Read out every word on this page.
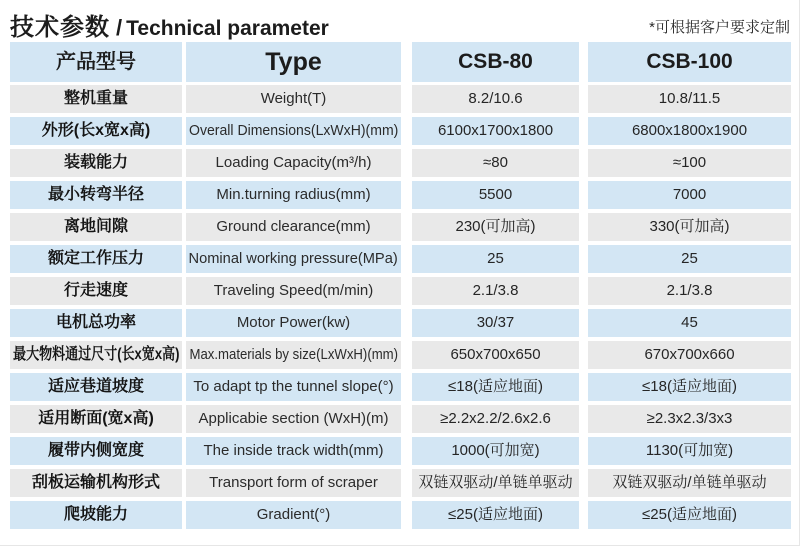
技术参数 / Technical parameter	*可根据客户要求定制
产品型号	Type	CSB-80	CSB-100
整机重量	Weight(T)	8.2/10.6	10.8/11.5
外形(长x宽x高)	Overall Dimensions(LxWxH)(mm)	6100x1700x1800	6800x1800x1900
装载能力	Loading Capacity(m³/h)	≈80	≈100
最小转弯半径	Min.turning radius(mm)	5500	7000
离地间隙	Ground clearance(mm)	230(可加高)	330(可加高)
额定工作压力	Nominal working pressure(MPa)	25	25
行走速度	Traveling Speed(m/min)	2.1/3.8	2.1/3.8
电机总功率	Motor Power(kw)	30/37	45
最大物料通过尺寸(长x宽x高) Max.materials by size(LxWxH)(mm)	650x700x650	670x700x660
适应巷道坡度	To adapt tp the tunnel slope(°)	≤18(适应地面)	≤18(适应地面)
适用断面(宽x高)	Applicabie section (WxH)(m)	≥2.2x2.2/2.6x2.6	≥2.3x2.3/3x3
履带内侧宽度	The inside track width(mm)	1000(可加宽)	1130(可加宽)
刮板运输机构形式	Transport form of scraper	双链双驱动/单链单驱动	双链双驱动/单链单驱动
爬坡能力	Gradient(°)	≤25(适应地面)	≤25(适应地面)
